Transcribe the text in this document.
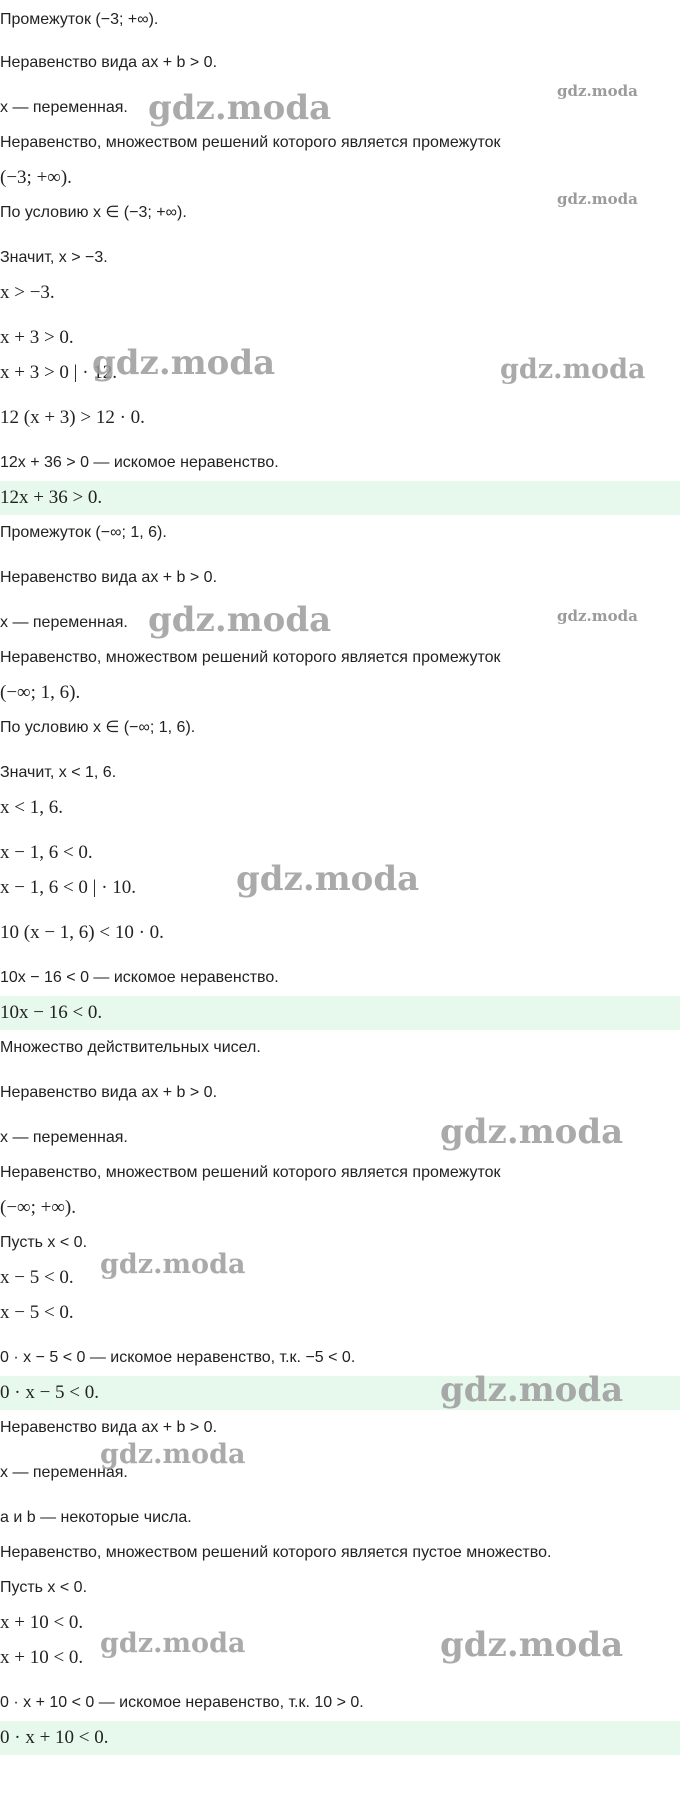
Промежуток (−3; +∞).
Неравенство вида ax + b > 0.
x — переменная.
Неравенство, множеством решений которого является промежуток
(−3; +∞).
По условию x ∈ (−3; +∞).
Значит, x > −3.
x > −3.
x + 3 > 0.
x + 3 > 0 | · 12.
12 (x + 3) > 12 · 0.
12x + 36 > 0 — искомое неравенство.
12x + 36 > 0.
Промежуток (−∞; 1, 6).
Неравенство вида ax + b > 0.
x — переменная.
Неравенство, множеством решений которого является промежуток
(−∞; 1, 6).
По условию x ∈ (−∞; 1, 6).
Значит, x < 1, 6.
x < 1, 6.
x − 1, 6 < 0.
x − 1, 6 < 0 | · 10.
10 (x − 1, 6) < 10 · 0.
10x − 16 < 0 — искомое неравенство.
10x − 16 < 0.
Множество действительных чисел.
Неравенство вида ax + b > 0.
x — переменная.
Неравенство, множеством решений которого является промежуток
(−∞; +∞).
Пусть x < 0.
x − 5 < 0.
x − 5 < 0.
0 · x − 5 < 0 — искомое неравенство, т.к. −5 < 0.
0 · x − 5 < 0.
Неравенство вида ax + b > 0.
x — переменная.
a и b — некоторые числа.
Неравенство, множеством решений которого является пустое множество.
Пусть x < 0.
x + 10 < 0.
x + 10 < 0.
0 · x + 10 < 0 — искомое неравенство, т.к. 10 > 0.
0 · x + 10 < 0.
gdz.moda
gdz.moda
gdz.moda
gdz.moda	gdz.moda
gdz.moda	gdz.moda
gdz.moda
gdz.moda
gdz.moda
gdz.moda
gdz.moda
gdz.moda	gdz.moda
